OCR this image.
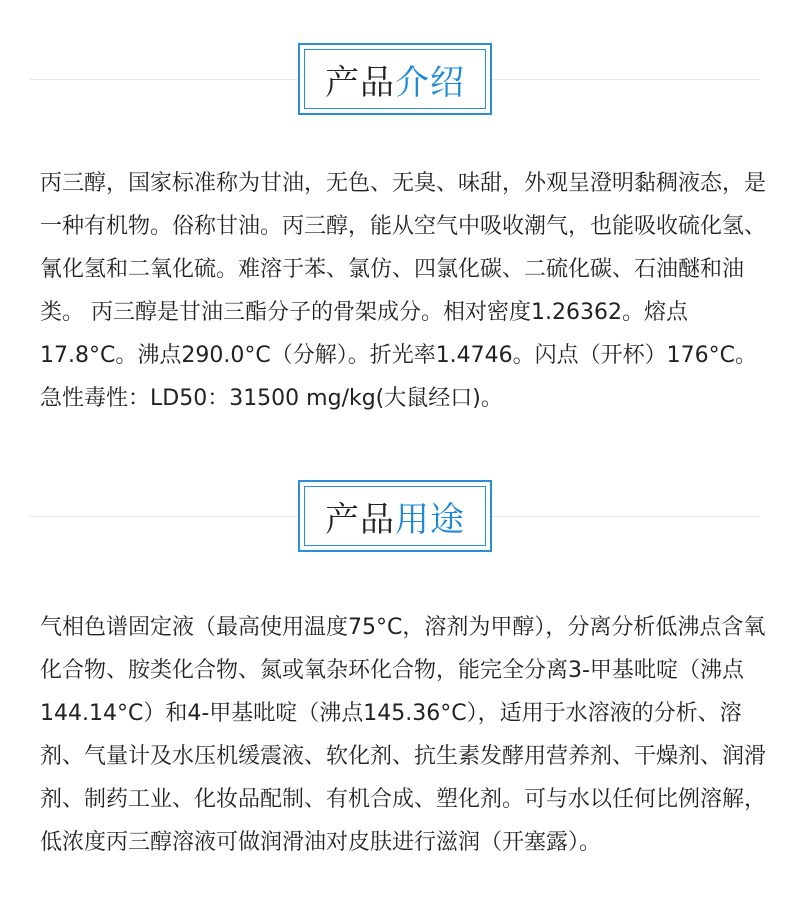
产品 介绍

丙三醇，国家标准称为甘油，无色、无臭、味甜，外观呈澄明黏稠液态，是一种有机物。俗称甘油。丙三醇，能从空气中吸收潮气，也能吸收硫化氢、氰化氢和二氧化硫。难溶于苯、氯仿、四氯化碳、二硫化碳、石油醚和油类。 丙三醇是甘油三酯分子的骨架成分。相对密度1.26362。熔点17.8°C。沸点290.0°C（分解）。折光率1.4746。闪点（开杯）176°C。急性毒性：LD50：31500 mg/kg(大鼠经口)。

产品 用途

气相色谱固定液（最高使用温度75°C，溶剂为甲醇），分离分析低沸点含氧化合物、胺类化合物、氮或氧杂环化合物，能完全分离3-甲基吡啶（沸点144.14°C）和4-甲基吡啶（沸点145.36°C），适用于水溶液的分析、溶剂、气量计及水压机缓震液、软化剂、抗生素发酵用营养剂、干燥剂、润滑剂、制药工业、化妆品配制、有机合成、塑化剂。可与水以任何比例溶解，低浓度丙三醇溶液可做润滑油对皮肤进行滋润（开塞露）。
